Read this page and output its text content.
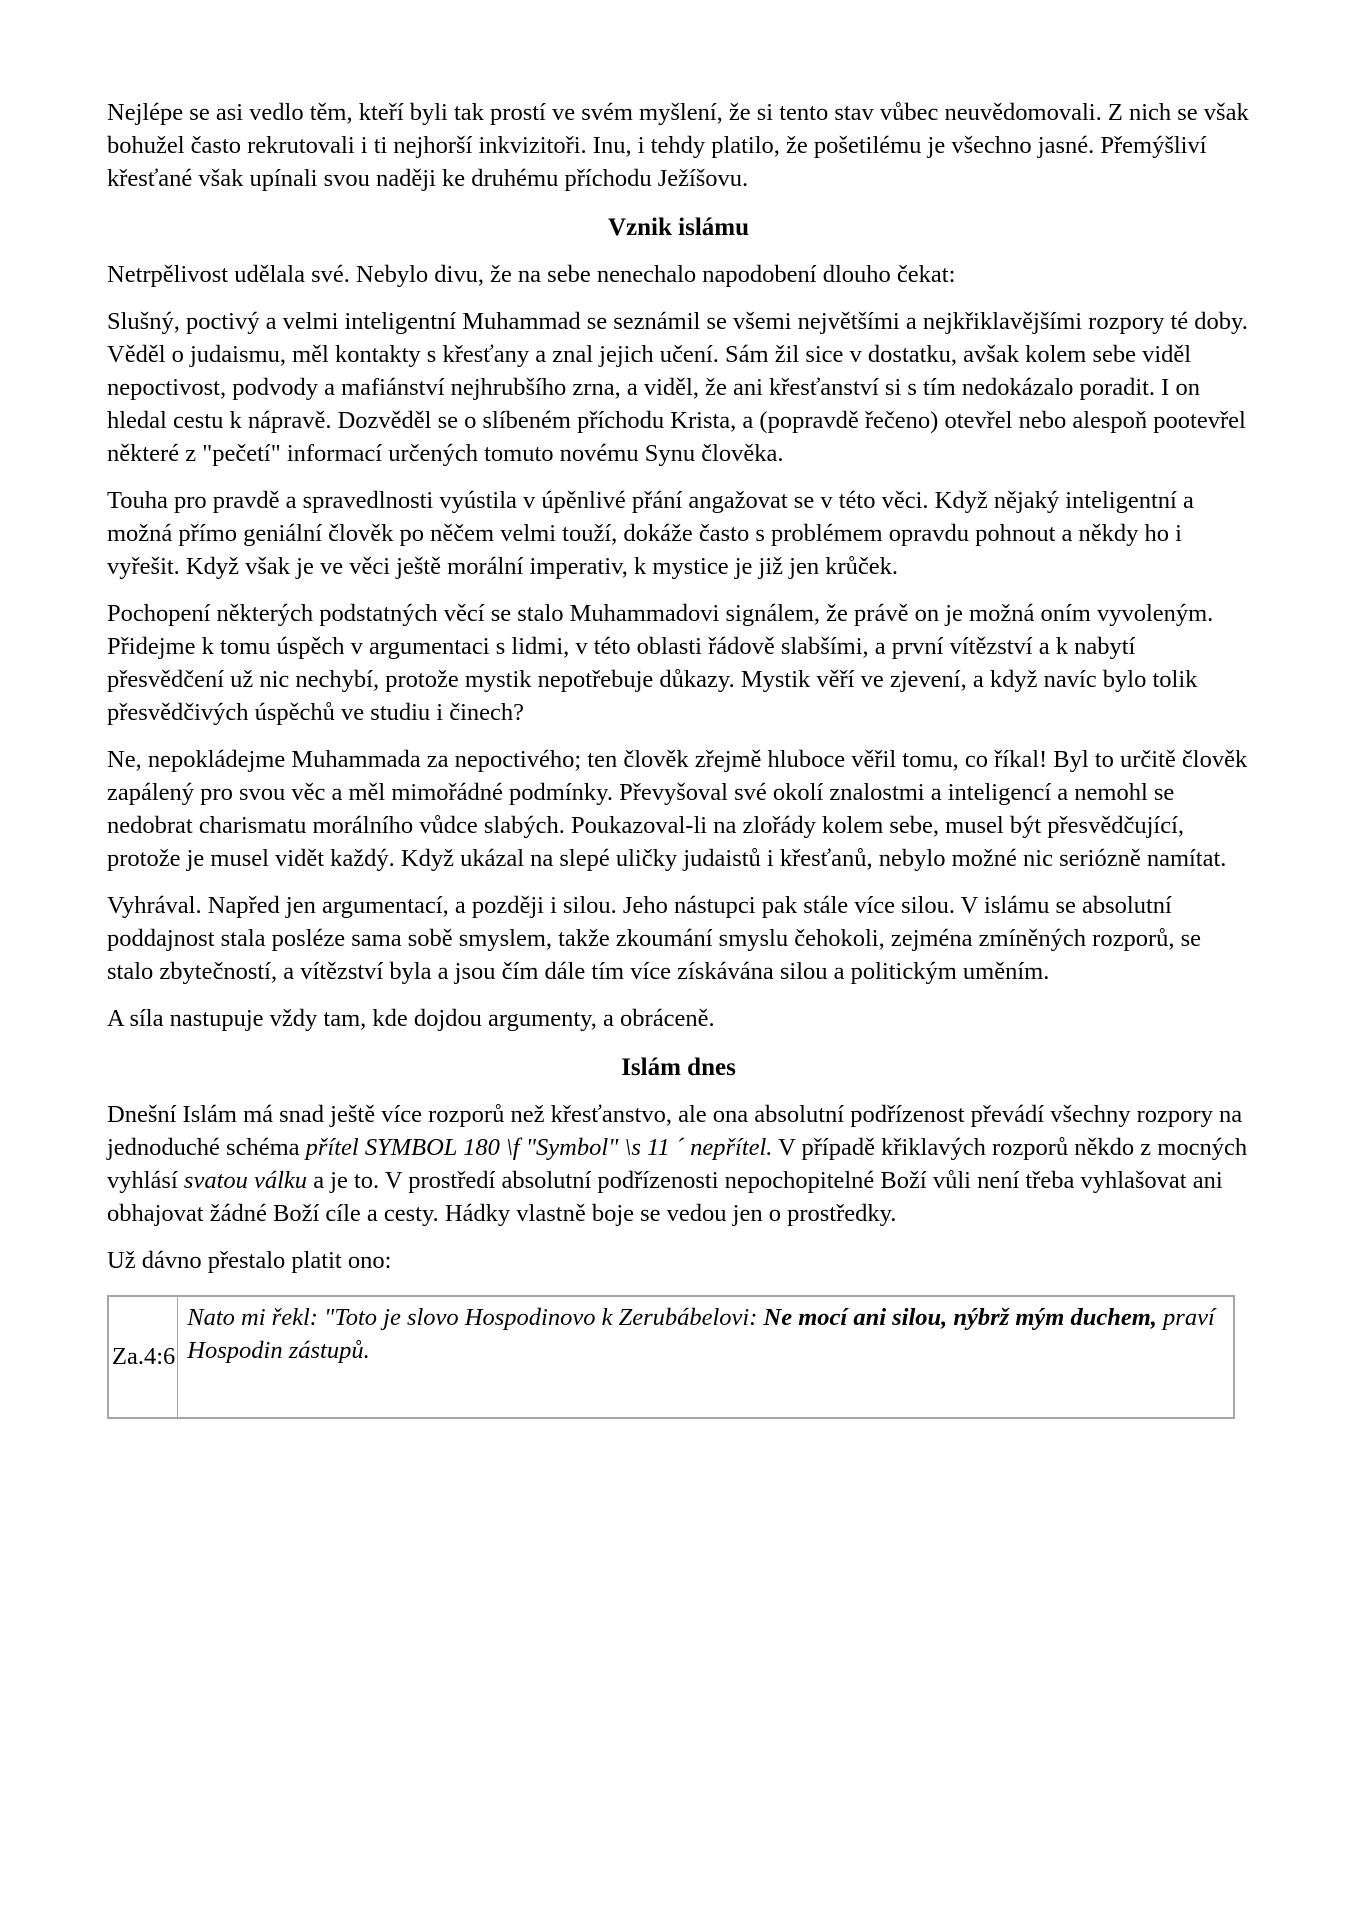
Nejlépe se asi vedlo těm, kteří byli tak prostí ve svém myšlení, že si tento stav vůbec neuvědomovali. Z nich se však bohužel často rekrutovali i ti nejhorší inkvizitoři. Inu, i tehdy platilo, že pošetilému je všechno jasné. Přemýšliví křesťané však upínali svou naději ke druhému příchodu Ježíšovu.

Vznik islámu

Netrpělivost udělala své. Nebylo divu, že na sebe nenechalo napodobení dlouho čekat:

Slušný, poctivý a velmi inteligentní Muhammad se seznámil se všemi největšími a nejkřiklavějšími rozpory té doby. Věděl o judaismu, měl kontakty s křesťany a znal jejich učení. Sám žil sice v dostatku, avšak kolem sebe viděl nepoctivost, podvody a mafiánství nejhrubšího zrna, a viděl, že ani křesťanství si s tím nedokázalo poradit. I on hledal cestu k nápravě. Dozvěděl se o slíbeném příchodu Krista, a (popravdě řečeno) otevřel nebo alespoň pootevřel některé z "pečetí" informací určených tomuto novému Synu člověka.

Touha pro pravdě a spravedlnosti vyústila v úpěnlivé přání angažovat se v této věci. Když nějaký inteligentní a možná přímo geniální člověk po něčem velmi touží, dokáže často s problémem opravdu pohnout a někdy ho i vyřešit. Když však je ve věci ještě morální imperativ, k mystice je již jen krůček.

Pochopení některých podstatných věcí se stalo Muhammadovi signálem, že právě on je možná oním vyvoleným. Přidejme k tomu úspěch v argumentaci s lidmi, v této oblasti řádově slabšími, a první vítězství a k nabytí přesvědčení už nic nechybí, protože mystik nepotřebuje důkazy. Mystik věří ve zjevení, a když navíc bylo tolik přesvědčivých úspěchů ve studiu i činech?

Ne, nepokládejme Muhammada za nepoctivého; ten člověk zřejmě hluboce věřil tomu, co říkal! Byl to určitě člověk zapálený pro svou věc a měl mimořádné podmínky. Převyšoval své okolí znalostmi a inteligencí a nemohl se nedobrat charismatu morálního vůdce slabých. Poukazoval-li na zlořády kolem sebe, musel být přesvědčující, protože je musel vidět každý. Když ukázal na slepé uličky judaistů i křesťanů, nebylo možné nic seriózně namítat.

Vyhrával. Napřed jen argumentací, a později i silou. Jeho nástupci pak stále více silou. V islámu se absolutní poddajnost stala posléze sama sobě smyslem, takže zkoumání smyslu čehokoli, zejména zmíněných rozporů, se stalo zbytečností, a vítězství byla a jsou čím dále tím více získávána silou a politickým uměním.

A síla nastupuje vždy tam, kde dojdou argumenty, a obráceně.

Islám dnes

Dnešní Islám má snad ještě více rozporů než křesťanstvo, ale ona absolutní podřízenost převádí všechny rozpory na jednoduché schéma přítel SYMBOL 180 \f "Symbol" \s 11 ´ nepřítel. V případě křiklavých rozporů někdo z mocných vyhlásí svatou válku a je to. V prostředí absolutní podřízenosti nepochopitelné Boží vůli není třeba vyhlašovat ani obhajovat žádné Boží cíle a cesty. Hádky vlastně boje se vedou jen o prostředky.

Už dávno přestalo platit ono:

Za.4:6	Nato mi řekl: "Toto je slovo Hospodinovo k Zerubábelovi: Ne mocí ani silou, nýbrž mým duchem, praví Hospodin zástupů.
